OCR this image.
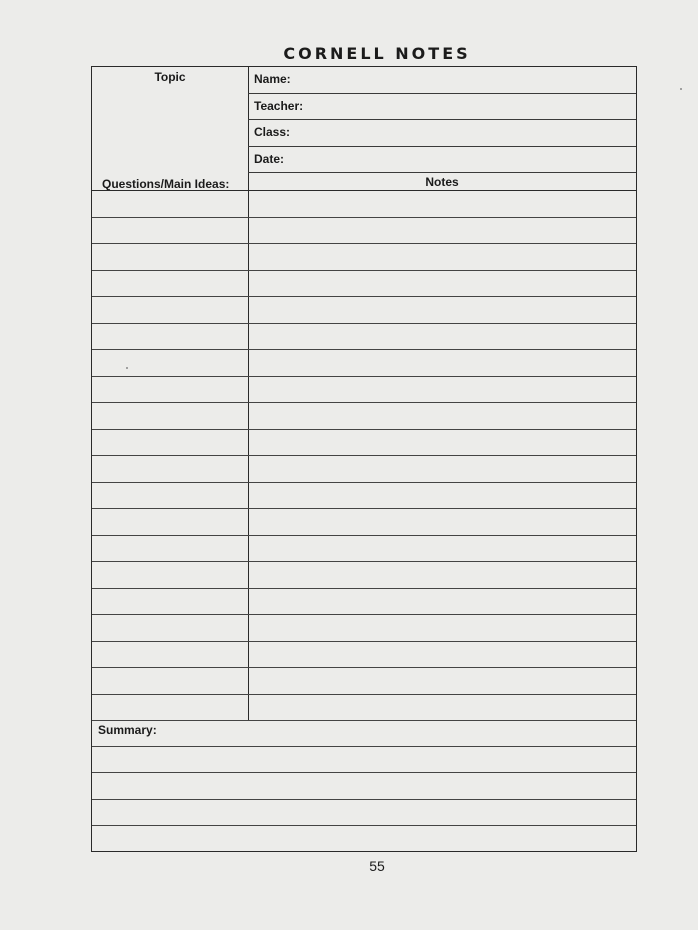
CORNELL NOTES
Topic
Questions/Main Ideas:
Name:
Teacher:
Class:
Date:
Notes
Summary:
55
